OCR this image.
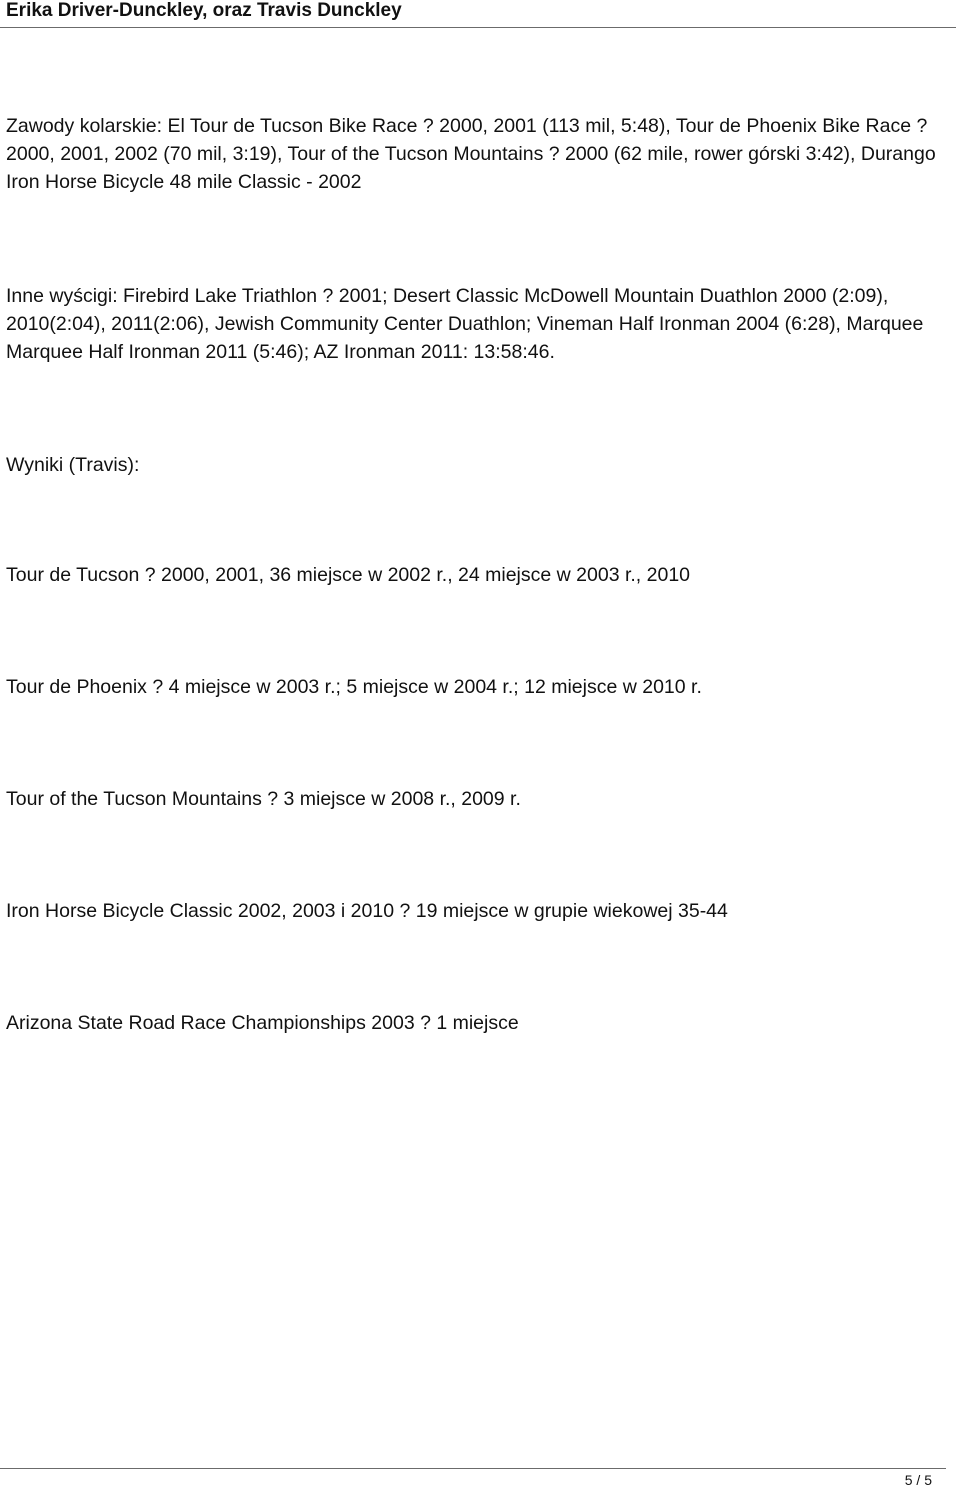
Erika Driver-Dunckley, oraz Travis Dunckley

Zawody kolarskie: El Tour de Tucson Bike Race ? 2000, 2001 (113 mil, 5:48), Tour de Phoenix Bike Race ? 2000, 2001, 2002 (70 mil, 3:19), Tour of the Tucson Mountains ? 2000 (62 mile, rower górski 3:42), Durango Iron Horse Bicycle 48 mile Classic - 2002

Inne wyścigi: Firebird Lake Triathlon ? 2001; Desert Classic McDowell Mountain Duathlon 2000 (2:09), 2010(2:04), 2011(2:06), Jewish Community Center Duathlon; Vineman Half Ironman 2004 (6:28), Marquee Marquee Half Ironman 2011 (5:46); AZ Ironman 2011: 13:58:46.

Wyniki (Travis):

Tour de Tucson ? 2000, 2001, 36 miejsce w 2002 r., 24 miejsce w 2003 r., 2010

Tour de Phoenix ? 4 miejsce w 2003 r.; 5 miejsce w 2004 r.; 12 miejsce w 2010 r.

Tour of the Tucson Mountains ? 3 miejsce w 2008 r., 2009 r.

Iron Horse Bicycle Classic 2002, 2003 i 2010 ? 19 miejsce w grupie wiekowej 35-44

Arizona State Road Race Championships 2003 ? 1 miejsce

5 / 5
